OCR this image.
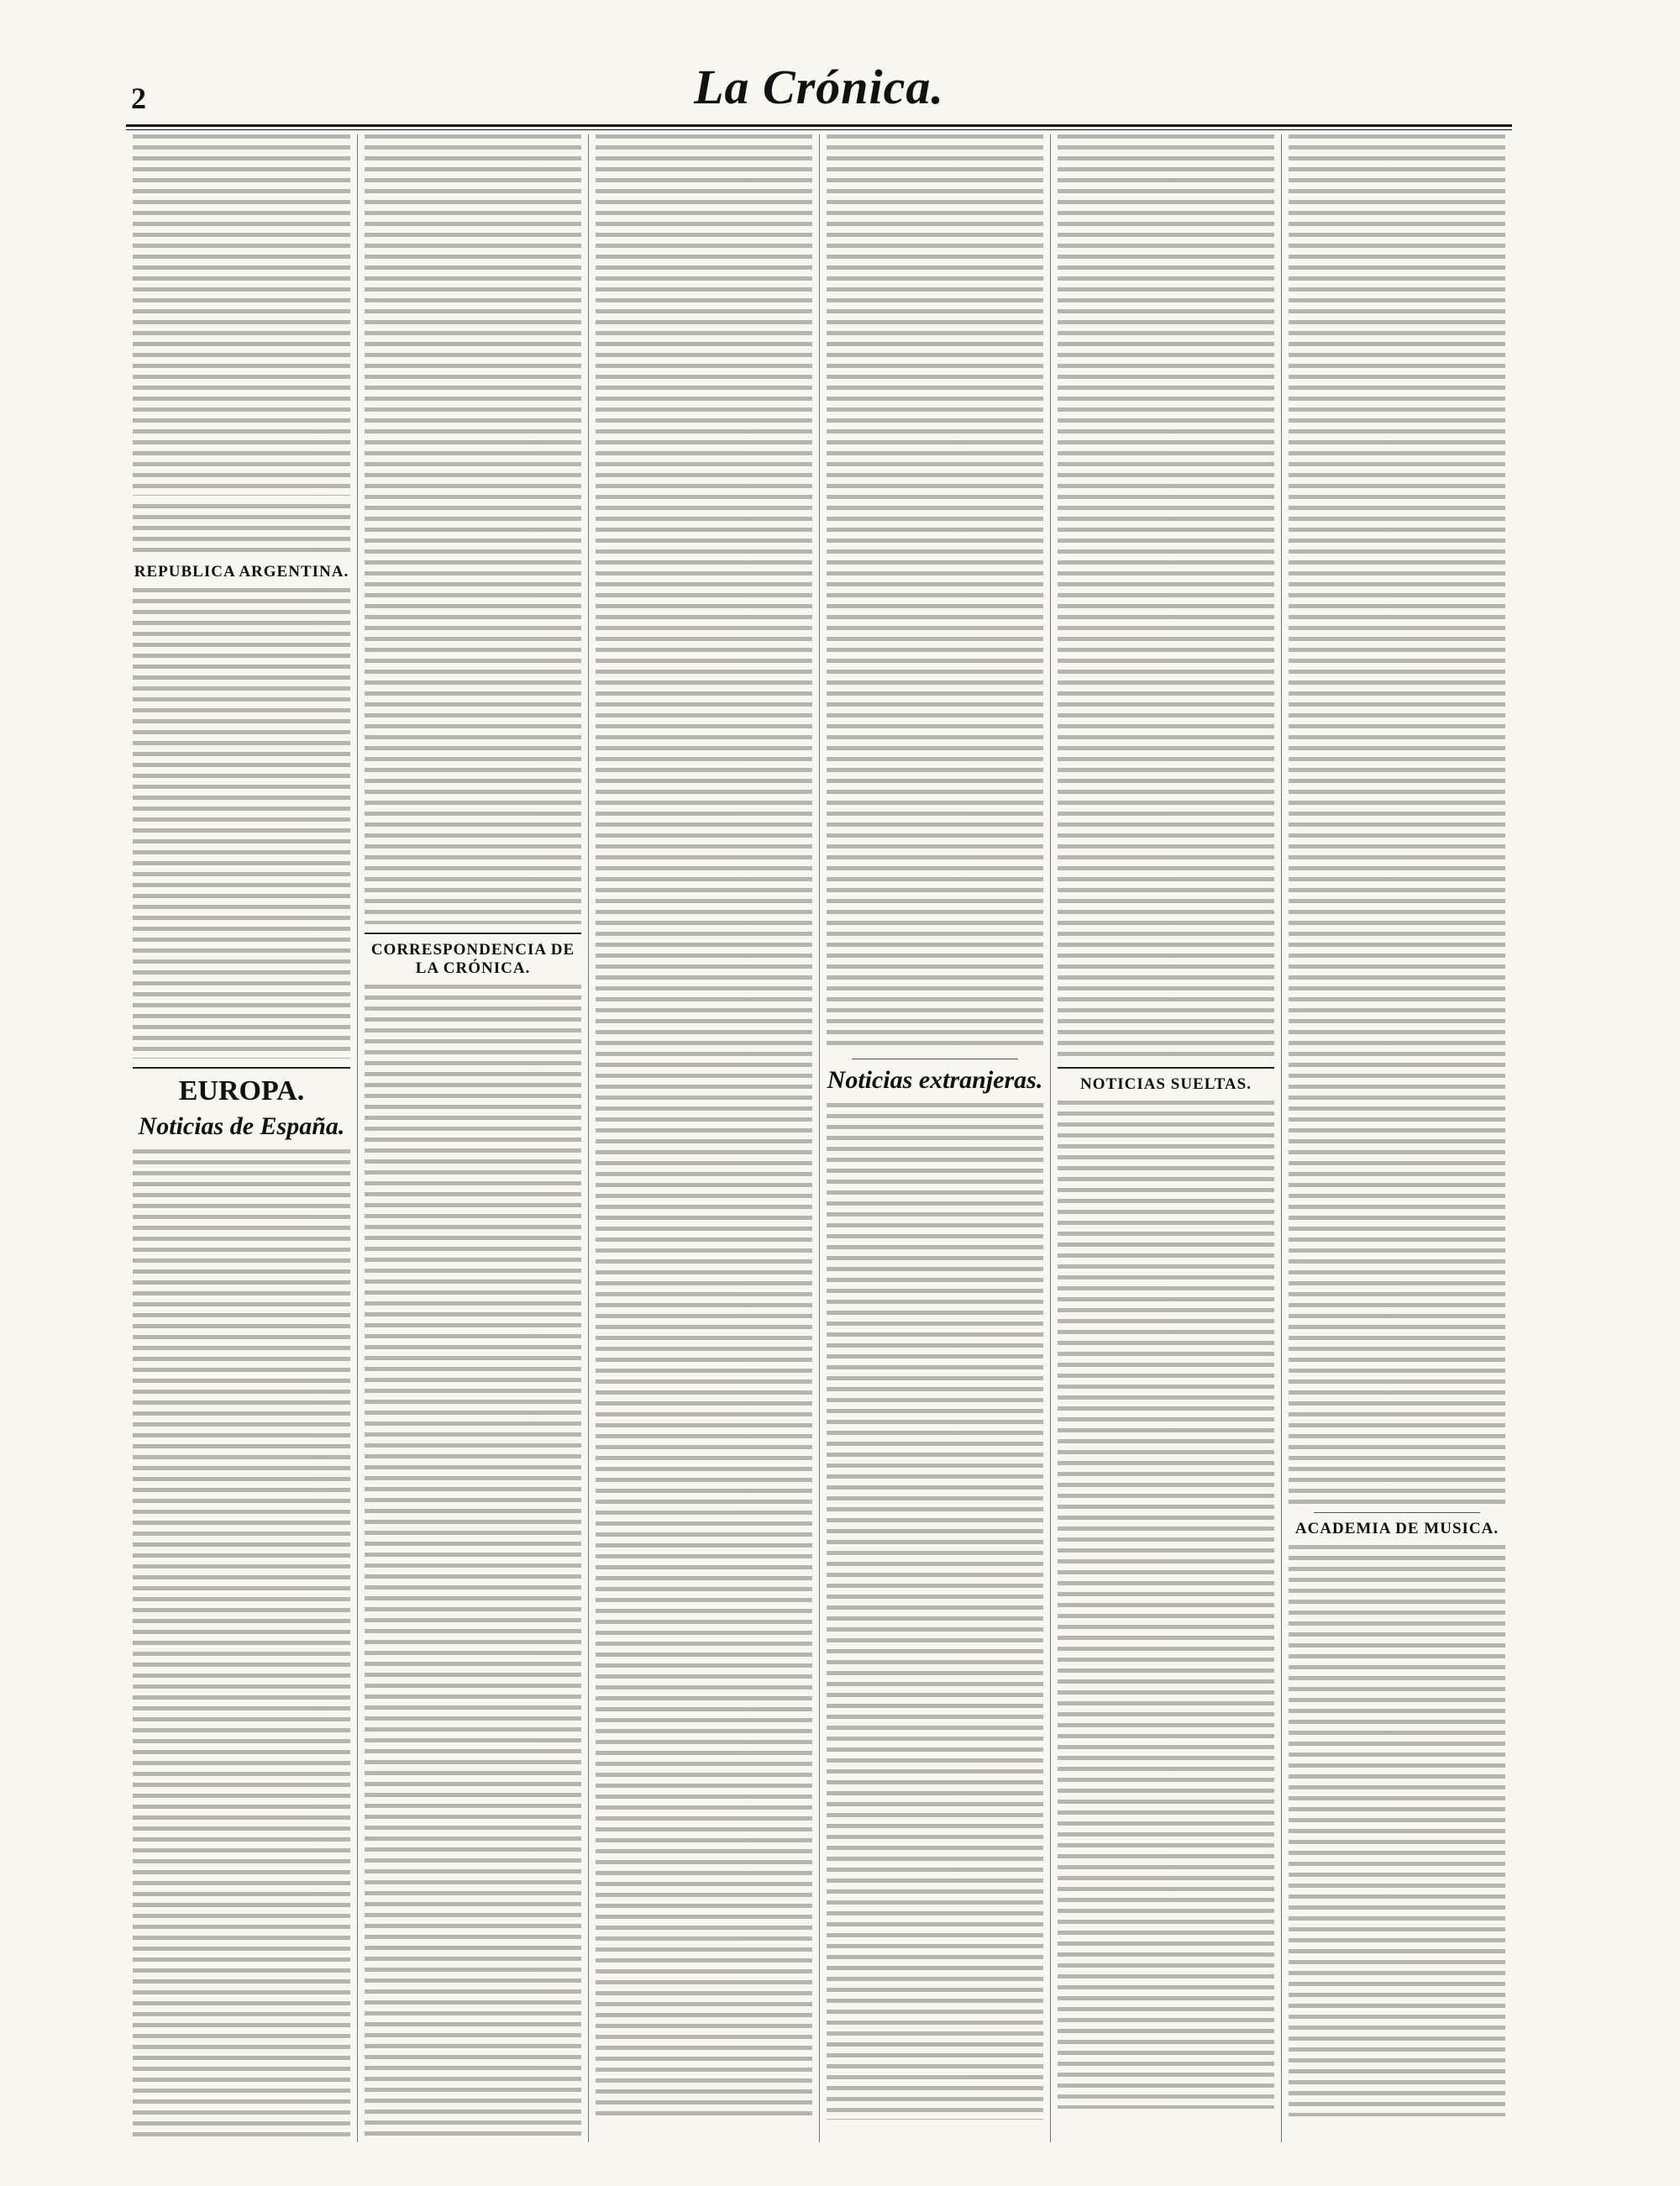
2	La Crónica.
REPUBLICA ARGENTINA.
EUROPA.
Noticias de España.
CORRESPONDENCIA DE LA CRÓNICA.
Noticias extranjeras.	NOTICIAS SUELTAS.
ACADEMIA DE MUSICA.
